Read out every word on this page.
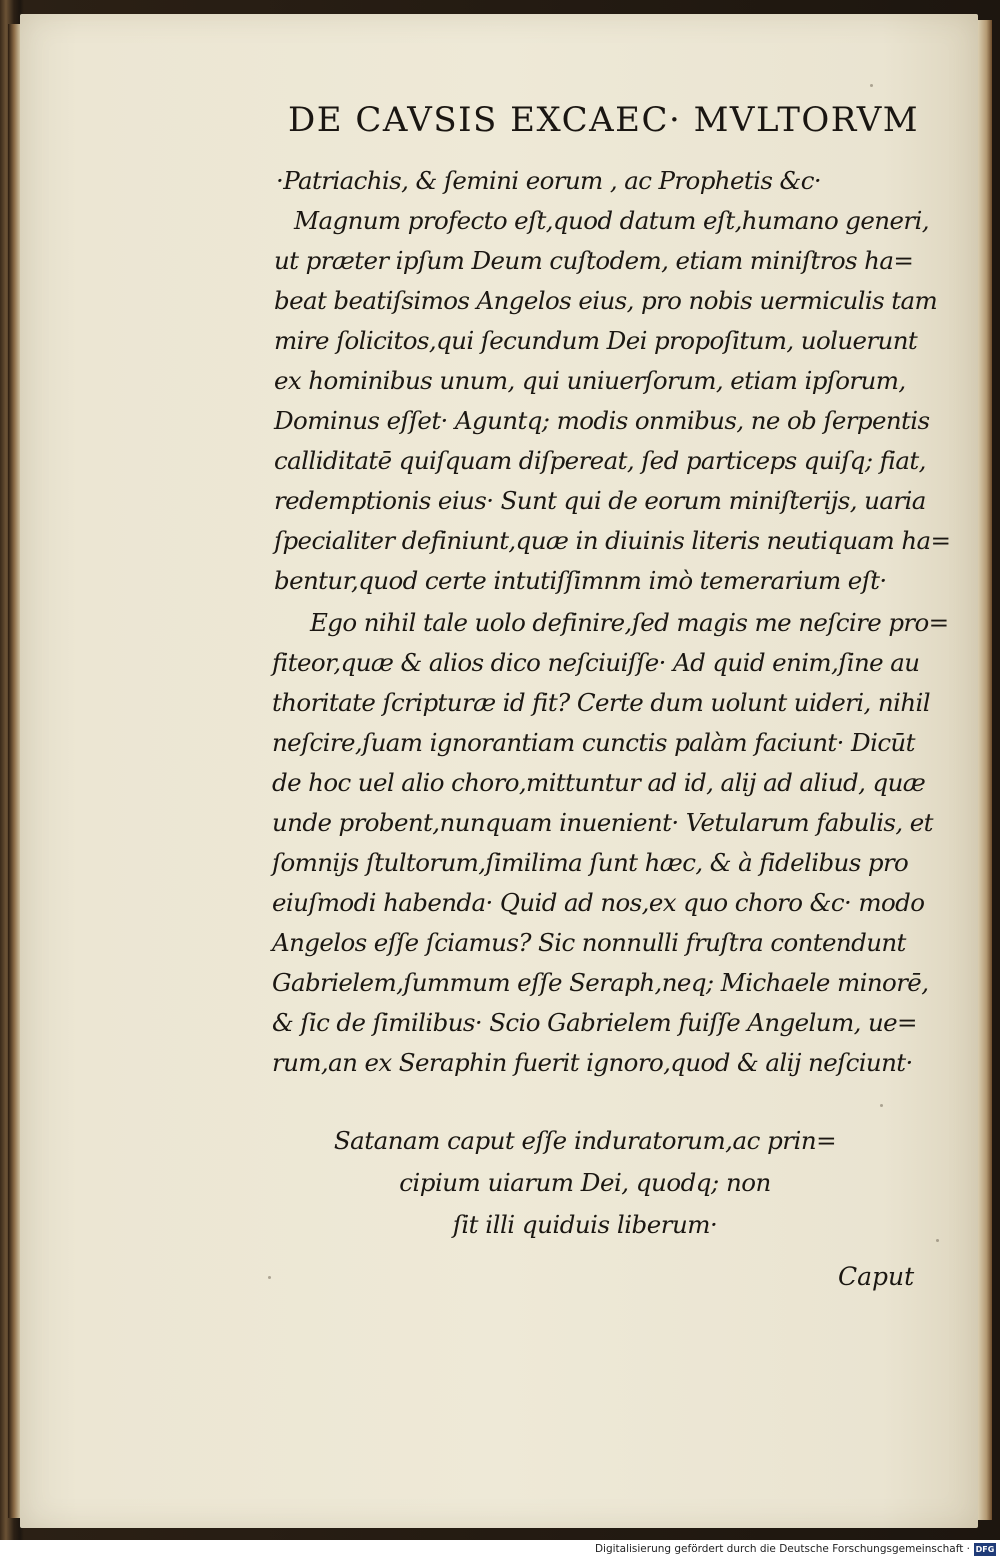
DE CAVSIS EXCAEC· MVLTORVM
·Patriachis, & ſemini eorum , ac Prophetis &c·
Magnum profecto eſt,quod datum eſt,humano generi,
ut præter ipſum Deum cuſtodem, etiam miniſtros ha=
beat beatiſsimos Angelos eius, pro nobis uermiculis tam
mire ſolicitos,qui ſecundum Dei propoſitum, uoluerunt
ex hominibus unum, qui uniuerſorum, etiam ipſorum,
Dominus eſſet· Aguntq; modis onmibus, ne ob ſerpentis
calliditatē quiſquam diſpereat, ſed particeps quiſq; fiat,
redemptionis eius· Sunt qui de eorum miniſterijs, uaria
ſpecialiter definiunt,quæ in diuinis literis neutiquam ha=
bentur,quod certe intutiſſimnm imò temerarium eſt·
Ego nihil tale uolo definire,ſed magis me neſcire pro=
fiteor,quæ & alios dico neſciuiſſe· Ad quid enim,ſine au
thoritate ſcripturæ id fit? Certe dum uolunt uideri, nihil
neſcire,ſuam ignorantiam cunctis palàm faciunt· Dicūt
de hoc uel alio choro,mittuntur ad id, alij ad aliud, quæ
unde probent,nunquam inuenient· Vetularum fabulis, et
ſomnijs ſtultorum,ſimilima ſunt hæc, & à fidelibus pro
eiuſmodi habenda· Quid ad nos,ex quo choro &c· modo
Angelos eſſe ſciamus? Sic nonnulli fruſtra contendunt
Gabrielem,ſummum eſſe Seraph,neq; Michaele minorē,
& ſic de ſimilibus· Scio Gabrielem fuiſſe Angelum, ue=
rum,an ex Seraphin fuerit ignoro,quod & alij neſciunt·
Satanam caput eſſe induratorum,ac prin=
cipium uiarum Dei, quodq; non
ſit illi quiduis liberum·
Caput
Digitalisierung gefördert durch die Deutsche Forschungsgemeinschaft · DFG
